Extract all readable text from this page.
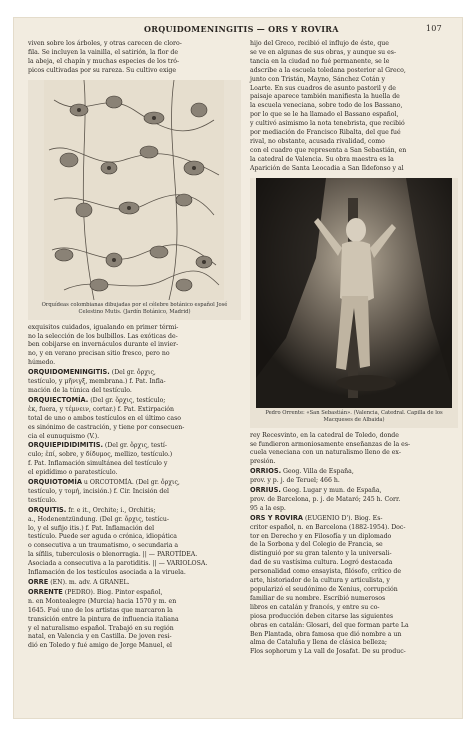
ORQUIDOMENINGITIS — ORS Y ROVIRA	107

viven sobre los árboles, y otras carecen de cloro-

fila. Se incluyen la vainilla, el satirión, la flor de

la abeja, el chapín y muchas especies de los tró-

picos cultivadas por su rareza. Su cultivo exige

Orquídeas colombianas dibujadas por el célebre botánico español José Celestino Mutis. (Jardín Botánico, Madrid)

exquisitos cuidados, igualando en primer térmi-

no la selección de los bulbillos. Las exóticas de-

ben cobijarse en invernáculos durante el invier-

no, y en verano precisan sitio fresco, pero no

húmedo.

ORQUIDOMENINGITIS. (Del gr. ὄρχις,

testículo, y μῆνιγξ, membrana.) f. Pat. Infla-

mación de la túnica del testículo.

ORQUIECTOMÍA. (Del gr. ὄρχις, testículo;

ἐκ, fuera, y τέμνειν, cortar.) f. Pat. Extirpación

total de uno o ambos testículos en el último caso

es sinónimo de castración, y tiene por consecuen-

cia el eunuquismo (V.).

ORQUIEPIDIDIMITIS. (Del gr. ὄρχις, testí-

culo; ἐπί, sobre, y δίδυμος, mellizo, testículo.)

f. Pat. Inflamación simultánea del testículo y

el epidídimo o paratestículo.

ORQUIOTOMÍA u ORCOTOMÍA. (Del gr. ὄρχις,

testículo, y τομή, incisión.) f. Cir. Incisión del

testículo.

ORQUITIS. fr. e it., Orchite; i., Orchitis;

a., Hodenentzündung. (Del gr. ὄρχις, testícu-

lo, y el sufijo itis.) f. Pat. Inflamación del

testículo. Puede ser aguda o crónica, idiopática

o consecutiva a un traumatismo, o secundaria a

la sífilis, tuberculosis o blenorragia. || — PAROTÍDEA.

Asociada a consecutiva a la parotiditis. || — VARIOLOSA.

Inflamación de los testículos asociada a la viruela.

ORRE (EN). m. adv. A GRANEL.

ORRENTE (PEDRO). Biog. Pintor español,

n. en Montealegre (Murcia) hacia 1570 y m. en

1645. Fué uno de los artistas que marcaron la

transición entre la pintura de influencia italiana

y el naturalismo español. Trabajó en su región

natal, en Valencia y en Castilla. De joven resi-

dió en Toledo y fué amigo de Jorge Manuel, el

hijo del Greco, recibió el influjo de éste, que

se ve en algunas de sus obras, y aunque su es-

tancia en la ciudad no fué permanente, se le

adscribe a la escuela toledana posterior al Greco,

junto con Tristán, Mayno, Sánchez Cotán y

Loarte. En sus cuadros de asunto pastoril y de

paisaje aparece también manifiesta la huella de

la escuela veneciana, sobre todo de los Bassano,

por lo que se le ha llamado el Bassano español,

y cultivó asimismo la nota tenebrista, que recibió

por mediación de Francisco Ribalta, del que fué

rival, no obstante, acusada rivalidad, como

con el cuadro que representa a San Sebastián, en

la catedral de Valencia. Su obra maestra es la

Aparición de Santa Leocadia a San Ildefonso y al

Pedro Orrente: «San Sebastián». (Valencia, Catedral. Capilla de los Macqueses de Albaida)

rey Recesvinto, en la catedral de Toledo, donde

se fundieron armoniosamente enseñanzas de la es-

cuela veneciana con un naturalismo lleno de ex-

presión.

ORRIOS. Geog. Villa de España,

prov. y p. j. de Teruel; 466 h.

ORRIUS. Geog. Lugar y mun. de España,

prov. de Barcelona, p. j. de Mataró; 245 h. Corr.

95 a la esp.

ORS Y ROVIRA (EUGENIO D'). Biog. Es-

critor español, n. en Barcelona (1882-1954). Doc-

tor en Derecho y en Filosofía y un diplomado

de la Sorbona y del Colegio de Francia, se

distinguió por su gran talento y la universali-

dad de su vastísima cultura. Logró destacada

personalidad como ensayista, filósofo, crítico de

arte, historiador de la cultura y articulista, y

popularizó el seudónimo de Xenius, corrupción

familiar de su nombre. Escribió numerosos

libros en catalán y francés, y entre su co-

piosa producción deben citarse las siguientes

obras en catalán: Glosari, del que forman parte La

Ben Plantada, obra famosa que dió nombre a un

alma de Cataluña y llena de clásica belleza;

Flos sophorum y La vall de Josafat. De su produc-
